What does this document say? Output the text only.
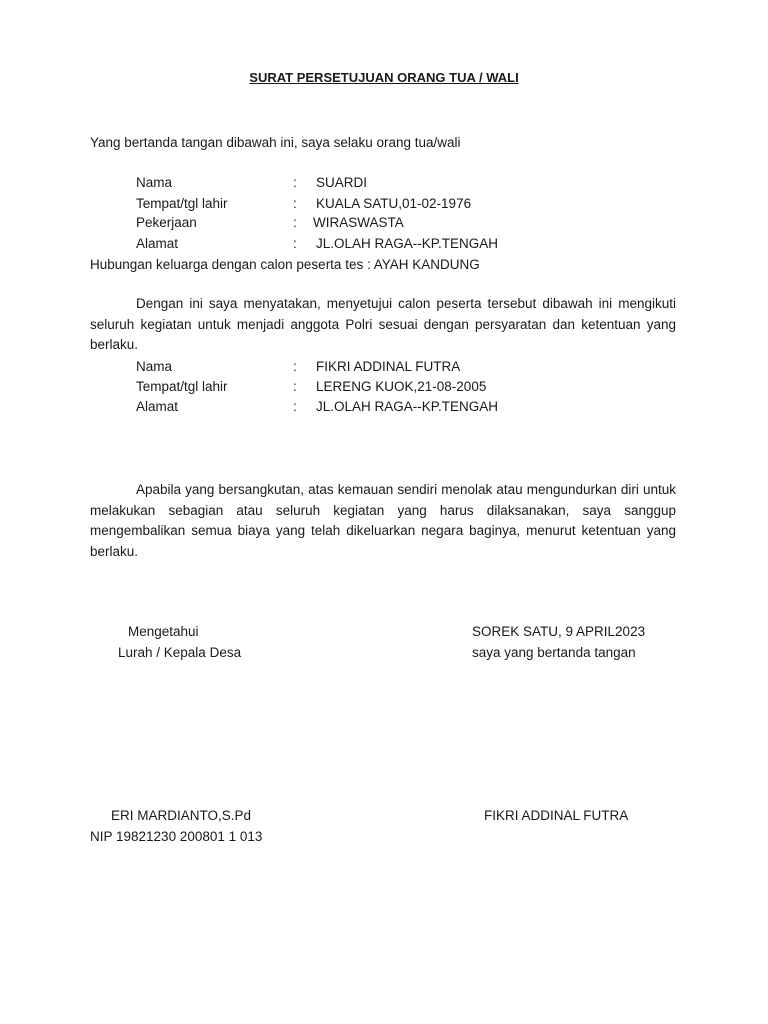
SURAT PERSETUJUAN ORANG TUA / WALI
Yang bertanda tangan dibawah ini, saya selaku orang tua/wali
Nama	: SUARDI
Tempat/tgl lahir	: KUALA SATU,01-02-1976
Pekerjaan	: WIRASWASTA
Alamat	: JL.OLAH RAGA--KP.TENGAH
Hubungan keluarga dengan calon peserta tes : AYAH KANDUNG
Dengan ini saya menyatakan, menyetujui calon peserta tersebut dibawah ini mengikuti seluruh kegiatan untuk menjadi anggota Polri sesuai dengan persyaratan dan ketentuan yang berlaku.
Nama	: FIKRI ADDINAL FUTRA
Tempat/tgl lahir	: LERENG KUOK,21-08-2005
Alamat	: JL.OLAH RAGA--KP.TENGAH
Apabila yang bersangkutan, atas kemauan sendiri menolak atau mengundurkan diri untuk melakukan sebagian atau seluruh kegiatan yang harus dilaksanakan, saya sanggup mengembalikan semua biaya yang telah dikeluarkan negara baginya, menurut ketentuan yang berlaku.
Mengetahui
Lurah / Kepala Desa
SOREK SATU, 9 APRIL2023
saya yang bertanda tangan
ERI MARDIANTO,S.Pd
NIP 19821230 200801 1 013
FIKRI ADDINAL FUTRA
